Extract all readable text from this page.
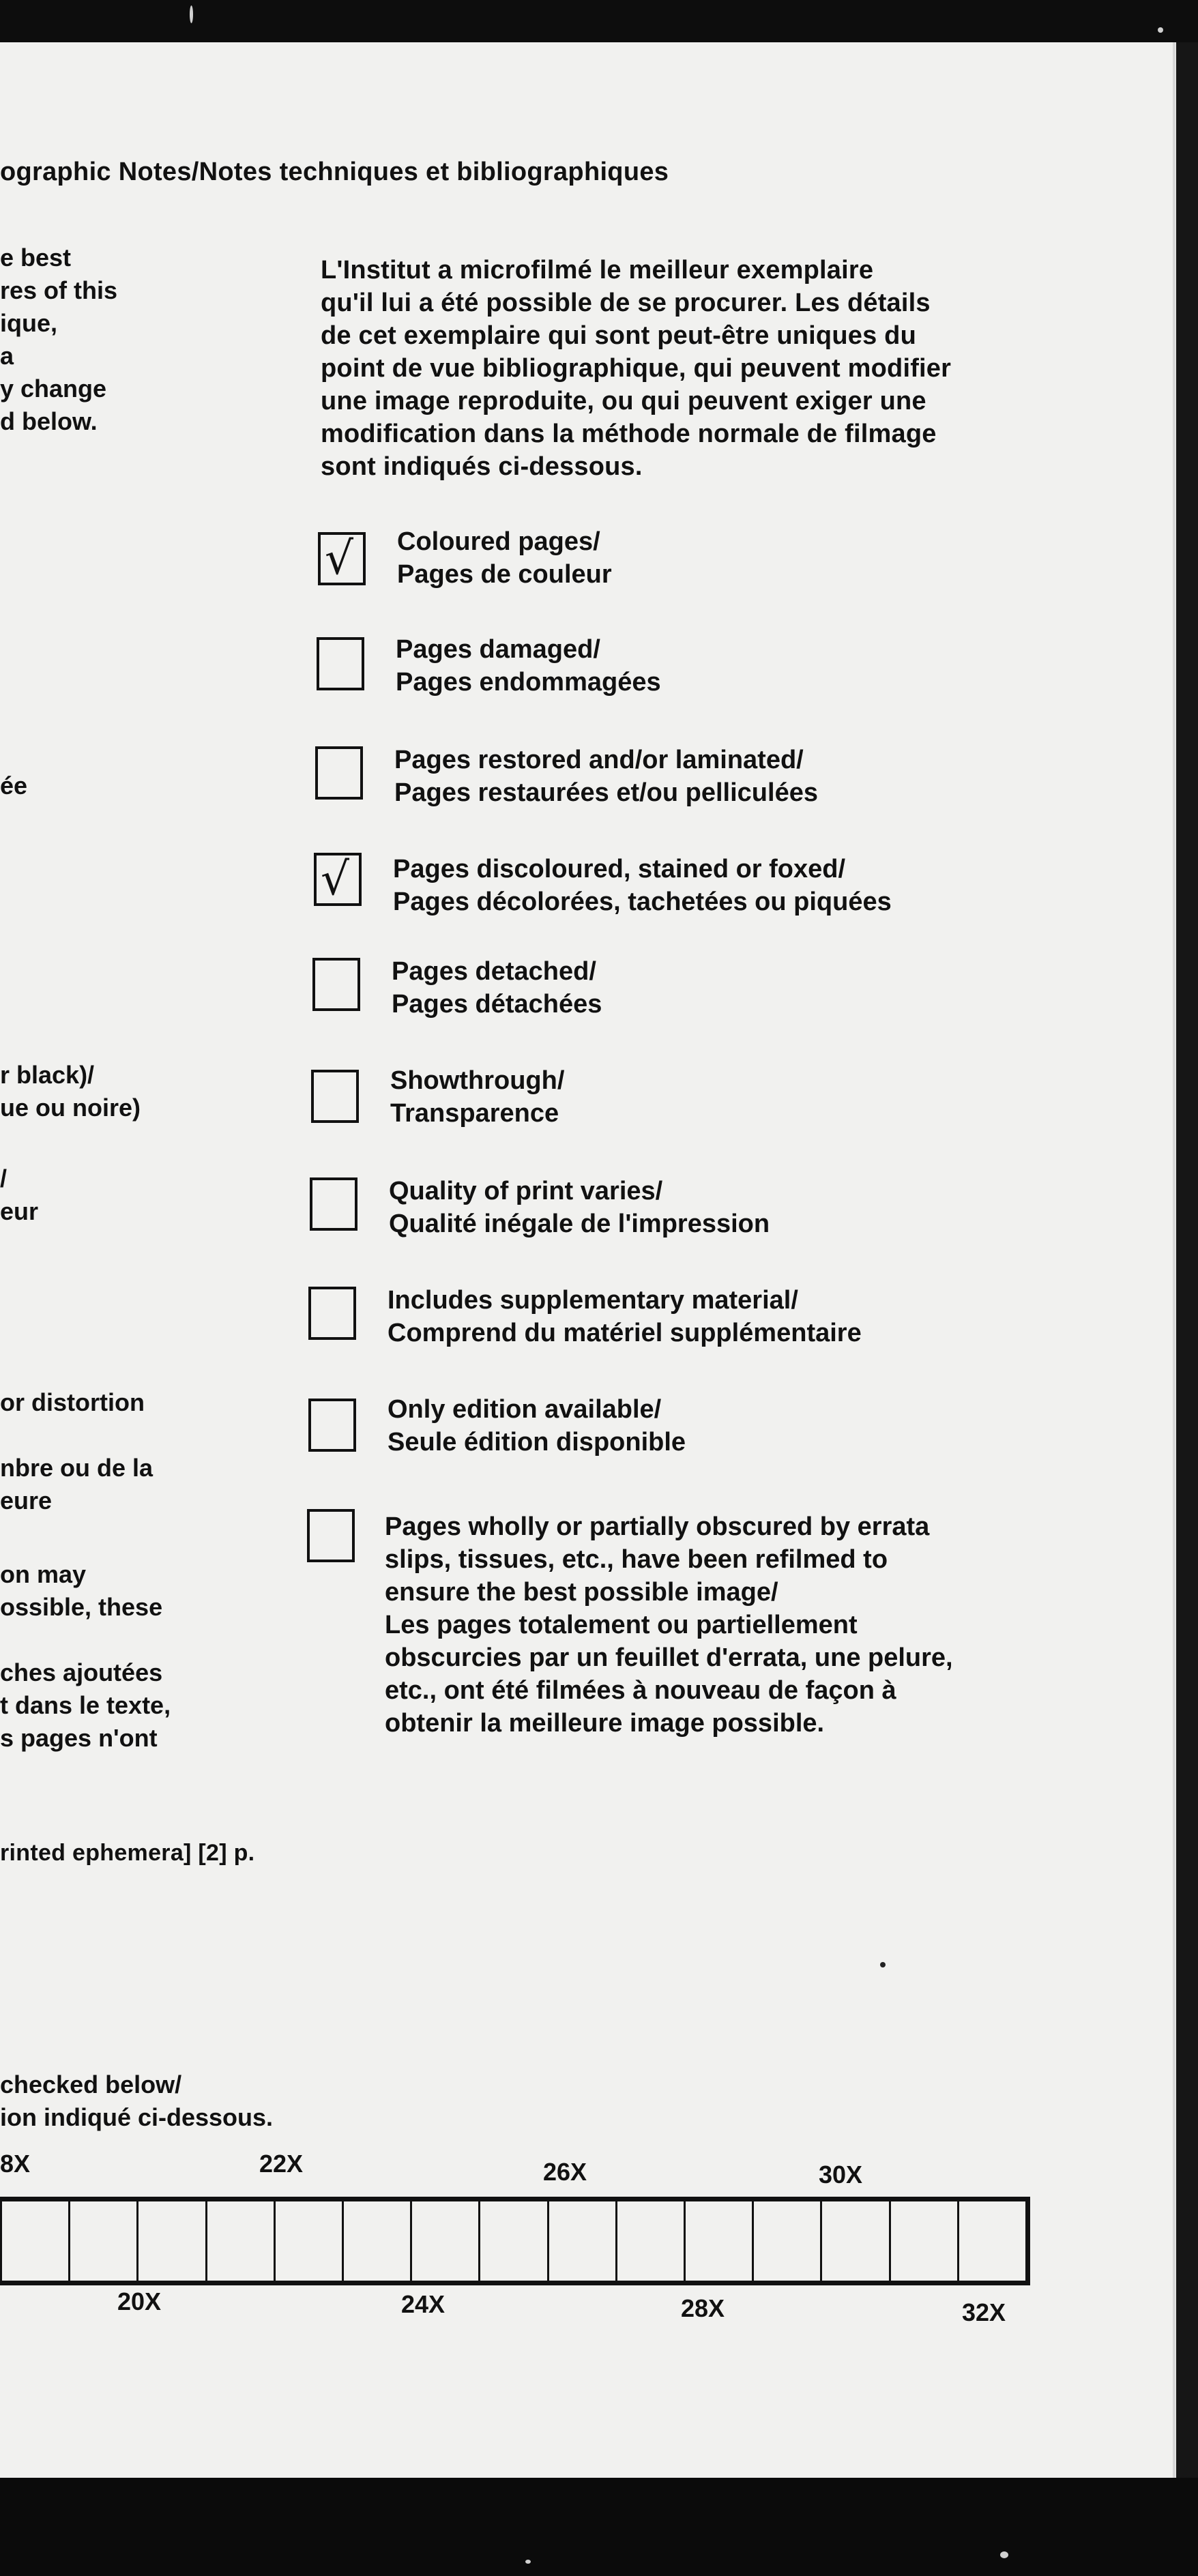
ographic Notes/Notes techniques et bibliographiques
e best
res of this
ique,
a
y change
d below.
ée
r black)/
ue ou noire)
/
eur
or distortion
nbre ou de la
eure
on may
ossible, these
ches ajoutées
t dans le texte,
s pages n'ont
rinted ephemera] [2] p.
checked below/
ion indiqué ci-dessous.
L'Institut a microfilmé le meilleur exemplaire
qu'il lui a été possible de se procurer. Les détails
de cet exemplaire qui sont peut-être uniques du
point de vue bibliographique, qui peuvent modifier
une image reproduite, ou qui peuvent exiger une
modification dans la méthode normale de filmage
sont indiqués ci-dessous.
√ Coloured pages/
Pages de couleur
Pages damaged/
Pages endommagées
Pages restored and/or laminated/
Pages restaurées et/ou pelliculées
√ Pages discoloured, stained or foxed/
Pages décolorées, tachetées ou piquées
Pages detached/
Pages détachées
Showthrough/
Transparence
Quality of print varies/
Qualité inégale de l'impression
Includes supplementary material/
Comprend du matériel supplémentaire
Only edition available/
Seule édition disponible
Pages wholly or partially obscured by errata
slips, tissues, etc., have been refilmed to
ensure the best possible image/
Les pages totalement ou partiellement
obscurcies par un feuillet d'errata, une pelure,
etc., ont été filmées à nouveau de façon à
obtenir la meilleure image possible.
8X	22X	26X	30X
20X	24X	28X	32X
